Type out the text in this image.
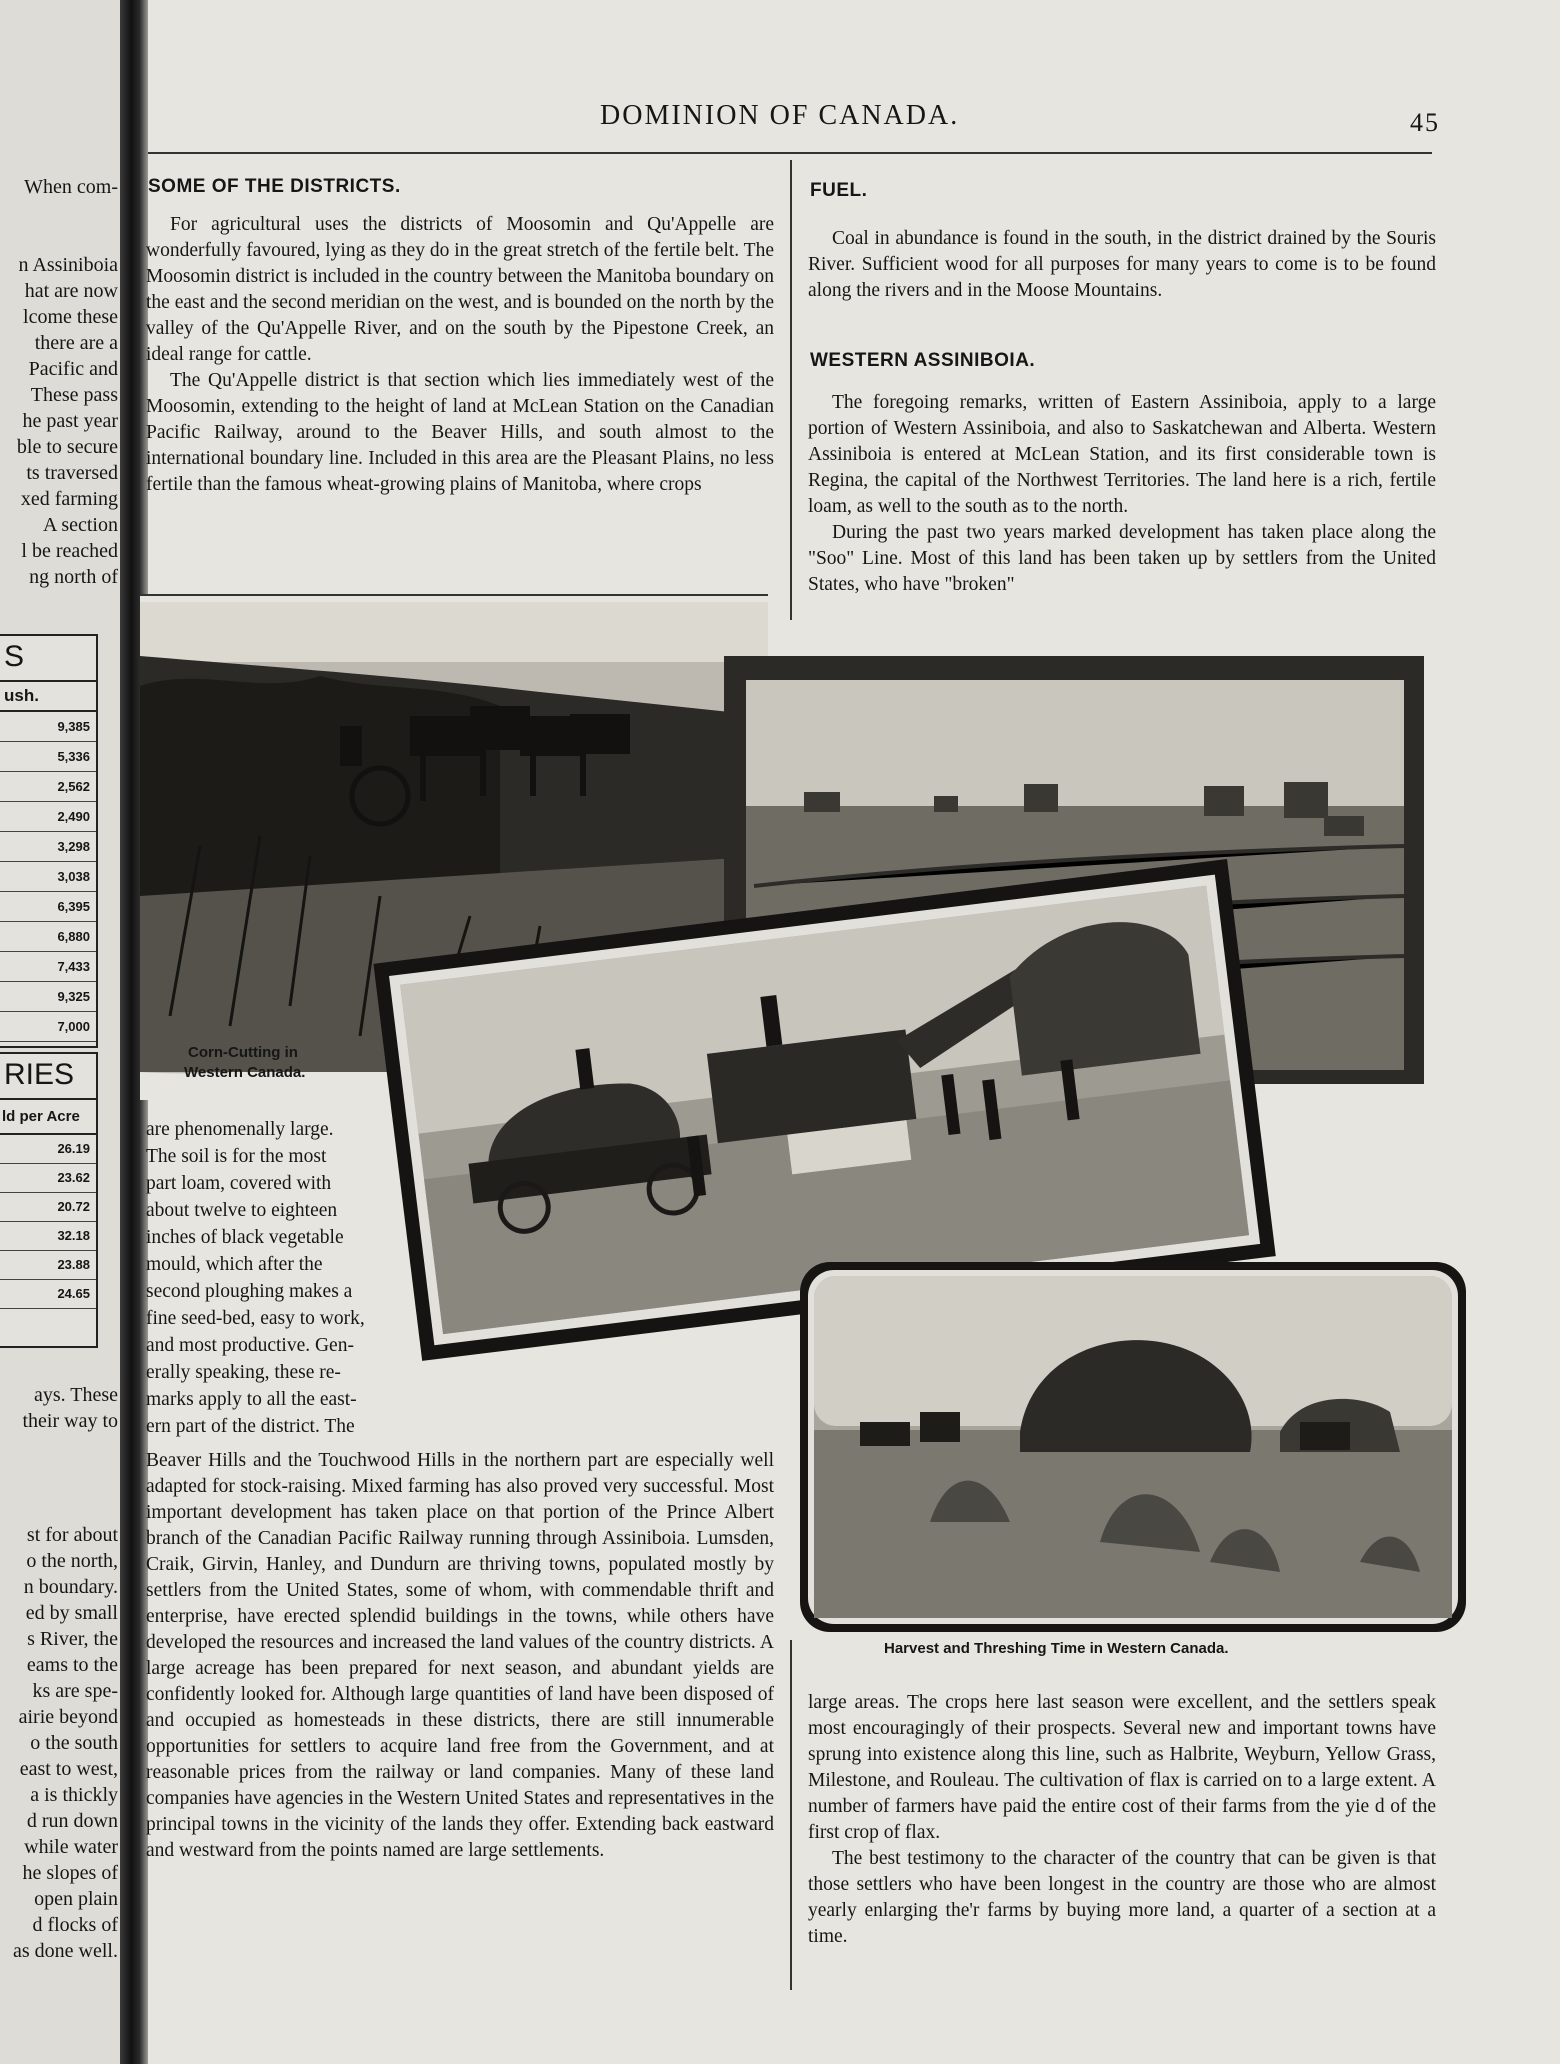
S
ush.
9,385
5,336
2,562
2,490
3,298
3,038
6,395
6,880
7,433
9,325
7,000
RIES
ld per Acre
26.19
23.62
20.72
32.18
23.88
24.65
When com-
n Assiniboia
hat are now
lcome these
there are a
Pacific and
These pass
he past year
ble to secure
ts traversed
xed farming
A section
l be reached
ng north of
ays. These
their way to
st for about
o the north,
n boundary.
ed by small
s River, the
eams to the
ks are spe-
airie beyond
o the south
east to west,
a is thickly
d run down
while water
he slopes of
open plain
d flocks of
as done well.
DOMINION OF CANADA.	45
SOME OF THE DISTRICTS.

For agricultural uses the districts of Moosomin and Qu'Appelle are wonderfully favoured, lying as they do in the great stretch of the fertile belt. The Moosomin district is included in the country between the Manitoba boundary on the east and the second meridian on the west, and is bounded on the north by the valley of the Qu'Appelle River, and on the south by the Pipestone Creek, an ideal range for cattle.

The Qu'Appelle district is that section which lies immediately west of the Moosomin, extending to the height of land at McLean Station on the Canadian Pacific Railway, around to the Beaver Hills, and south almost to the international boundary line. Included in this area are the Pleasant Plains, no less fertile than the famous wheat-growing plains of Manitoba, where crops

FUEL.

Coal in abundance is found in the south, in the district drained by the Souris River. Sufficient wood for all purposes for many years to come is to be found along the rivers and in the Moose Mountains.

WESTERN ASSINIBOIA.

The foregoing remarks, written of Eastern Assiniboia, apply to a large portion of Western Assiniboia, and also to Saskatchewan and Alberta. Western Assiniboia is entered at McLean Station, and its first considerable town is Regina, the capital of the Northwest Territories. The land here is a rich, fertile loam, as well to the south as to the north.

During the past two years marked development has taken place along the "Soo" Line. Most of this land has been taken up by settlers from the United States, who have "broken"

Corn-Cutting in
Western Canada.
Harvest and Threshing Time in Western Canada.
are phenomenally large.
The soil is for the most
part loam, covered with
about twelve to eighteen
inches of black vegetable
mould, which after the
second ploughing makes a
fine seed-bed, easy to work,
and most productive. Gen-
erally speaking, these re-
marks apply to all the east-
ern part of the district. The

Beaver Hills and the Touchwood Hills in the northern part are especially well adapted for stock-raising. Mixed farming has also proved very successful. Most important development has taken place on that portion of the Prince Albert branch of the Canadian Pacific Railway running through Assiniboia. Lumsden, Craik, Girvin, Hanley, and Dundurn are thriving towns, populated mostly by settlers from the United States, some of whom, with commendable thrift and enterprise, have erected splendid buildings in the towns, while others have developed the resources and increased the land values of the country districts. A large acreage has been prepared for next season, and abundant yields are confidently looked for. Although large quantities of land have been disposed of and occupied as homesteads in these districts, there are still innumerable opportunities for settlers to acquire land free from the Government, and at reasonable prices from the railway or land companies. Many of these land companies have agencies in the Western United States and representatives in the principal towns in the vicinity of the lands they offer. Extending back eastward and westward from the points named are large settlements.

large areas. The crops here last season were excellent, and the settlers speak most encouragingly of their prospects. Several new and important towns have sprung into existence along this line, such as Halbrite, Weyburn, Yellow Grass, Milestone, and Rouleau. The cultivation of flax is carried on to a large extent. A number of farmers have paid the entire cost of their farms from the yie d of the first crop of flax.

The best testimony to the character of the country that can be given is that those settlers who have been longest in the country are those who are almost yearly enlarging the'r farms by buying more land, a quarter of a section at a time.
